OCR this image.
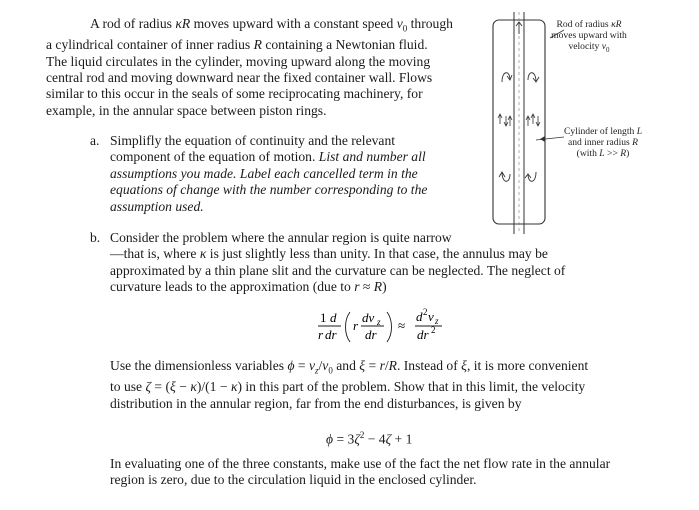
A rod of radius κR moves upward with a constant speed $v_0$ through
a cylindrical container of inner radius R containing a Newtonian fluid.
The liquid circulates in the cylinder, moving upward along the moving
central rod and moving downward near the fixed container wall. Flows
similar to this occur in the seals of some reciprocating machinery, for
example, in the annular space between piston rings.
Rod of radius κR
moves upward with
velocity $v_0$
Cylinder of length L
and inner radius R
(with L >> R)
a. Simplifly the equation of continuity and the relevant
component of the equation of motion. List and number all
assumptions you made. Label each cancelled term in the
equations of change with the number corresponding to the
assumption used.
b. Consider the problem where the annular region is quite narrow
—that is, where κ is just slightly less than unity. In that case, the annulus may be
approximated by a thin plane slit and the curvature can be neglected. The neglect of
curvature leads to the approximation (due to r ≈ R)
1 d
r dr
r
dv z
dr
≈
d 2 v z
dr 2
Use the dimensionless variables $\phi = v_z/v_0$ and ξ = r/R. Instead of ξ, it is more convenient
to use ζ = (ξ − κ)/(1 − κ) in this part of the problem. Show that in this limit, the velocity
distribution in the annular region, far from the end disturbances, is given by
$\phi = 3\zeta^2 - 4\zeta + 1$
In evaluating one of the three constants, make use of the fact the net flow rate in the annular
region is zero, due to the circulation liquid in the enclosed cylinder.
